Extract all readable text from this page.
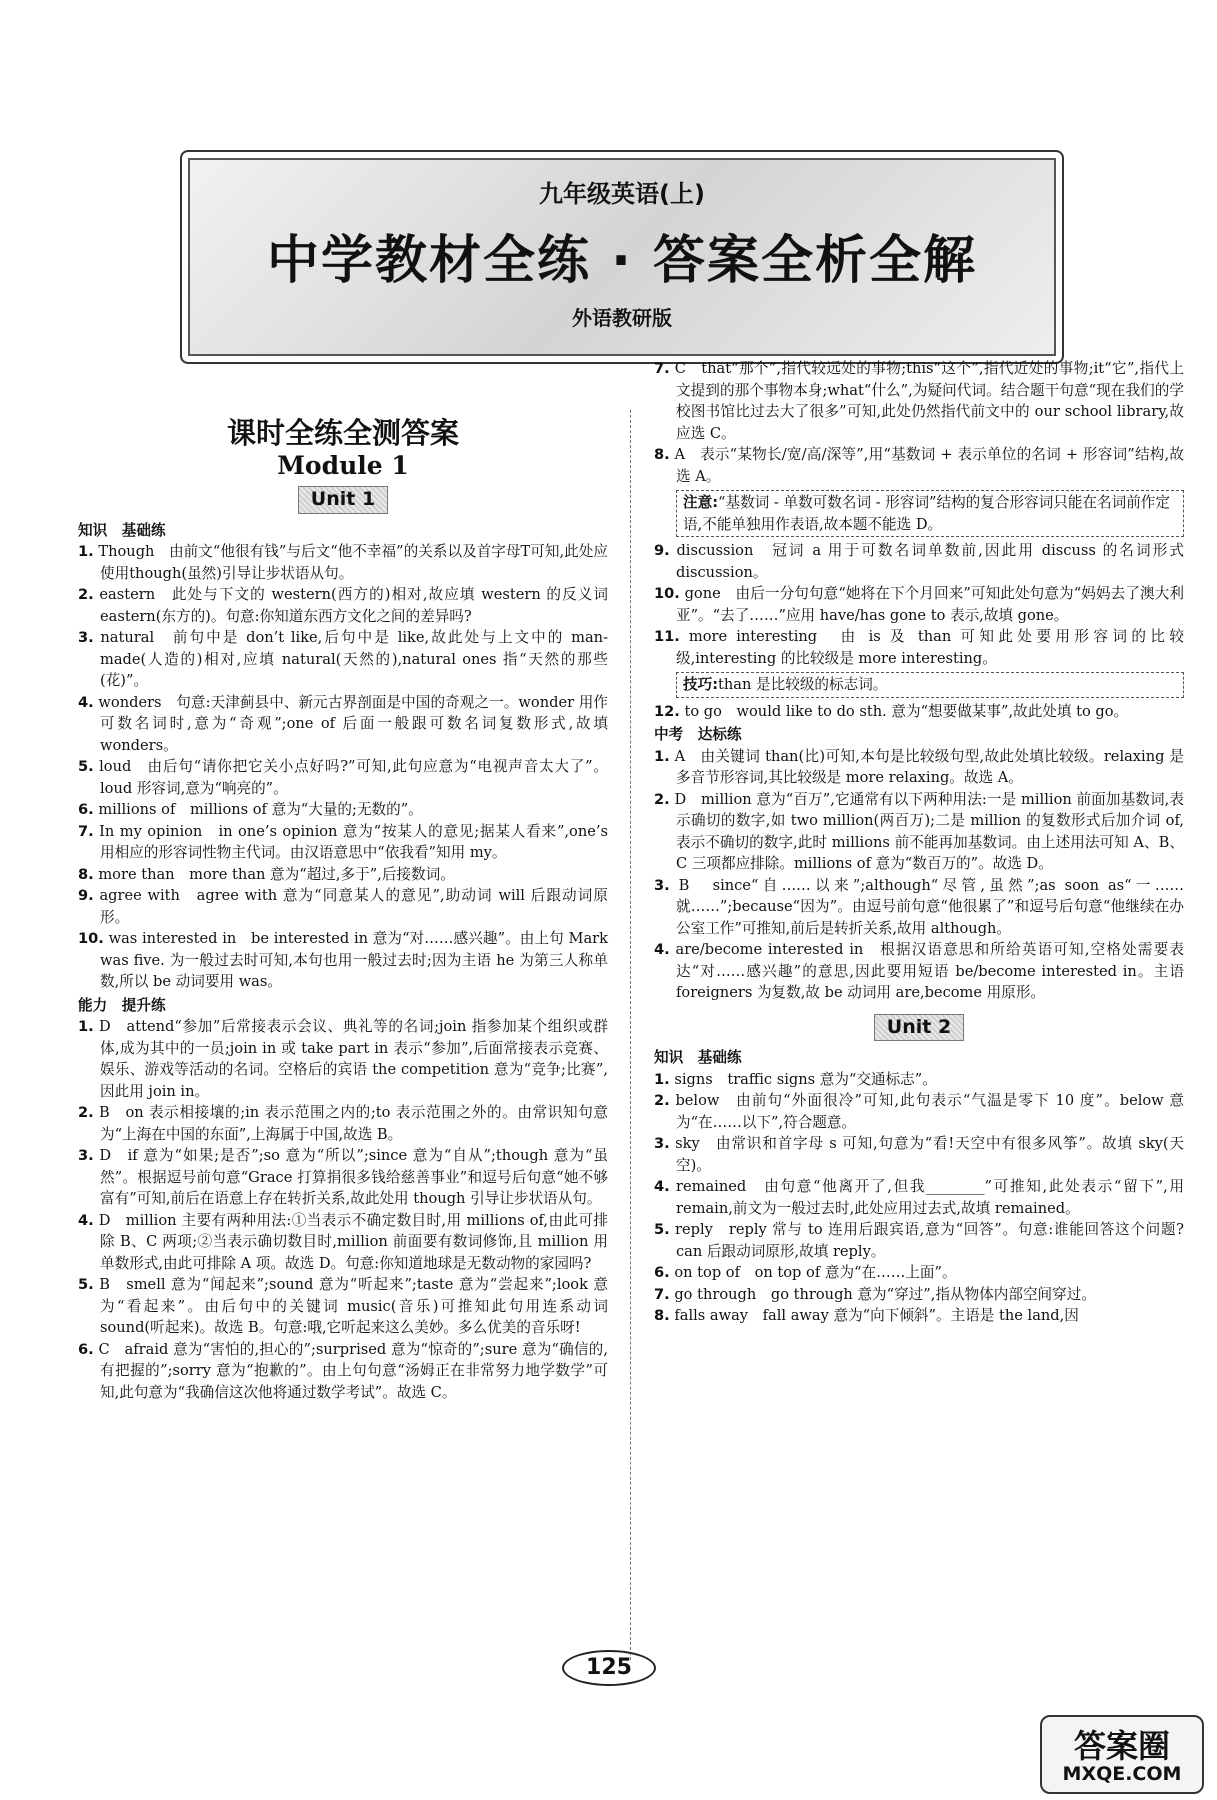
九年级英语(上)
中学教材全练 · 答案全析全解
外语教研版
课时全练全测答案
Module 1
Unit 1
知识　基础练
1. Though　由前文“他很有钱”与后文“他不幸福”的关系以及首字母T可知,此处应使用though(虽然)引导让步状语从句。
2. eastern　此处与下文的 western(西方的)相对,故应填 western 的反义词 eastern(东方的)。句意:你知道东西方文化之间的差异吗?
3. natural　前句中是 don’t like,后句中是 like,故此处与上文中的 man-made(人造的)相对,应填 natural(天然的),natural ones 指“天然的那些(花)”。
4. wonders　句意:天津蓟县中、新元古界剖面是中国的奇观之一。wonder 用作可数名词时,意为“奇观”;one of 后面一般跟可数名词复数形式,故填 wonders。
5. loud　由后句“请你把它关小点好吗?”可知,此句应意为“电视声音太大了”。loud 形容词,意为“响亮的”。
6. millions of　millions of 意为“大量的;无数的”。
7. In my opinion　in one’s opinion 意为“按某人的意见;据某人看来”,one’s 用相应的形容词性物主代词。由汉语意思中“依我看”知用 my。
8. more than　more than 意为“超过,多于”,后接数词。
9. agree with　agree with 意为“同意某人的意见”,助动词 will 后跟动词原形。
10. was interested in　be interested in 意为“对……感兴趣”。由上句 Mark was five. 为一般过去时可知,本句也用一般过去时;因为主语 he 为第三人称单数,所以 be 动词要用 was。
能力　提升练
1. D　attend“参加”后常接表示会议、典礼等的名词;join 指参加某个组织或群体,成为其中的一员;join in 或 take part in 表示“参加”,后面常接表示竞赛、娱乐、游戏等活动的名词。空格后的宾语 the competition 意为“竞争;比赛”,因此用 join in。
2. B　on 表示相接壤的;in 表示范围之内的;to 表示范围之外的。由常识知句意为“上海在中国的东面”,上海属于中国,故选 B。
3. D　if 意为“如果;是否”;so 意为“所以”;since 意为“自从”;though 意为“虽然”。根据逗号前句意“Grace 打算捐很多钱给慈善事业”和逗号后句意“她不够富有”可知,前后在语意上存在转折关系,故此处用 though 引导让步状语从句。
4. D　million 主要有两种用法:①当表示不确定数目时,用 millions of,由此可排除 B、C 两项;②当表示确切数目时,million 前面要有数词修饰,且 million 用单数形式,由此可排除 A 项。故选 D。句意:你知道地球是无数动物的家园吗?
5. B　smell 意为“闻起来”;sound 意为“听起来”;taste 意为“尝起来”;look 意为“看起来”。由后句中的关键词 music(音乐)可推知此句用连系动词 sound(听起来)。故选 B。句意:哦,它听起来这么美妙。多么优美的音乐呀!
6. C　afraid 意为“害怕的,担心的”;surprised 意为“惊奇的”;sure 意为“确信的,有把握的”;sorry 意为“抱歉的”。由上句句意“汤姆正在非常努力地学数学”可知,此句意为“我确信这次他将通过数学考试”。故选 C。
7. C　that“那个”,指代较远处的事物;this“这个”,指代近处的事物;it“它”,指代上文提到的那个事物本身;what“什么”,为疑问代词。结合题干句意“现在我们的学校图书馆比过去大了很多”可知,此处仍然指代前文中的 our school library,故应选 C。
8. A　表示“某物长/宽/高/深等”,用“基数词 + 表示单位的名词 + 形容词”结构,故选 A。
注意:“基数词 - 单数可数名词 - 形容词”结构的复合形容词只能在名词前作定语,不能单独用作表语,故本题不能选 D。
9. discussion　冠词 a 用于可数名词单数前,因此用 discuss 的名词形式 discussion。
10. gone　由后一分句句意“她将在下个月回来”可知此处句意为“妈妈去了澳大利亚”。“去了……”应用 have/has gone to 表示,故填 gone。
11. more interesting　由 is 及 than 可知此处要用形容词的比较级,interesting 的比较级是 more interesting。
技巧:than 是比较级的标志词。
12. to go　would like to do sth. 意为“想要做某事”,故此处填 to go。
中考　达标练
1. A　由关键词 than(比)可知,本句是比较级句型,故此处填比较级。relaxing 是多音节形容词,其比较级是 more relaxing。故选 A。
2. D　million 意为“百万”,它通常有以下两种用法:一是 million 前面加基数词,表示确切的数字,如 two million(两百万);二是 million 的复数形式后加介词 of,表示不确切的数字,此时 millions 前不能再加基数词。由上述用法可知 A、B、C 三项都应排除。millions of 意为“数百万的”。故选 D。
3. B　since“自……以来”;although“尽管,虽然”;as soon as“一……就……”;because“因为”。由逗号前句意“他很累了”和逗号后句意“他继续在办公室工作”可推知,前后是转折关系,故用 although。
4. are/become interested in　根据汉语意思和所给英语可知,空格处需要表达“对……感兴趣”的意思,因此要用短语 be/become interested in。主语 foreigners 为复数,故 be 动词用 are,become 用原形。
Unit 2
知识　基础练
1. signs　traffic signs 意为“交通标志”。
2. below　由前句“外面很冷”可知,此句表示“气温是零下 10 度”。below 意为“在……以下”,符合题意。
3. sky　由常识和首字母 s 可知,句意为“看!天空中有很多风筝”。故填 sky(天空)。
4. remained　由句意“他离开了,但我________”可推知,此处表示“留下”,用 remain,前文为一般过去时,此处应用过去式,故填 remained。
5. reply　reply 常与 to 连用后跟宾语,意为“回答”。句意:谁能回答这个问题? can 后跟动词原形,故填 reply。
6. on top of　on top of 意为“在……上面”。
7. go through　go through 意为“穿过”,指从物体内部空间穿过。
8. falls away　fall away 意为“向下倾斜”。主语是 the land,因
125
答案圈
MXQE.COM
